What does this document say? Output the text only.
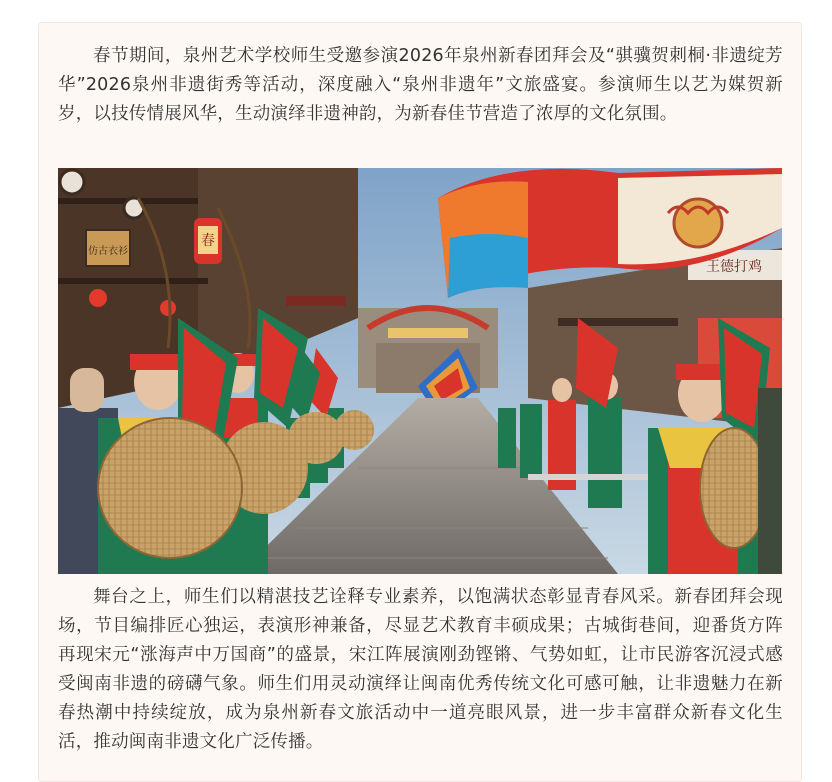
春节期间，泉州艺术学校师生受邀参演2026年泉州新春团拜会及“骐骥贺刺桐·非遗绽芳华”2026泉州非遗街秀等活动，深度融入“泉州非遗年”文旅盛宴。参演师生以艺为媒贺新岁，以技传情展风华，生动演绎非遗神韵，为新春佳节营造了浓厚的文化氛围。

仿古衣衫
春
王德打鸡

舞台之上，师生们以精湛技艺诠释专业素养，以饱满状态彰显青春风采。新春团拜会现场，节目编排匠心独运，表演形神兼备，尽显艺术教育丰硕成果；古城街巷间，迎番货方阵再现宋元“涨海声中万国商”的盛景，宋江阵展演刚劲铿锵、气势如虹，让市民游客沉浸式感受闽南非遗的磅礴气象。师生们用灵动演绎让闽南优秀传统文化可感可触，让非遗魅力在新春热潮中持续绽放，成为泉州新春文旅活动中一道亮眼风景，进一步丰富群众新春文化生活，推动闽南非遗文化广泛传播。
